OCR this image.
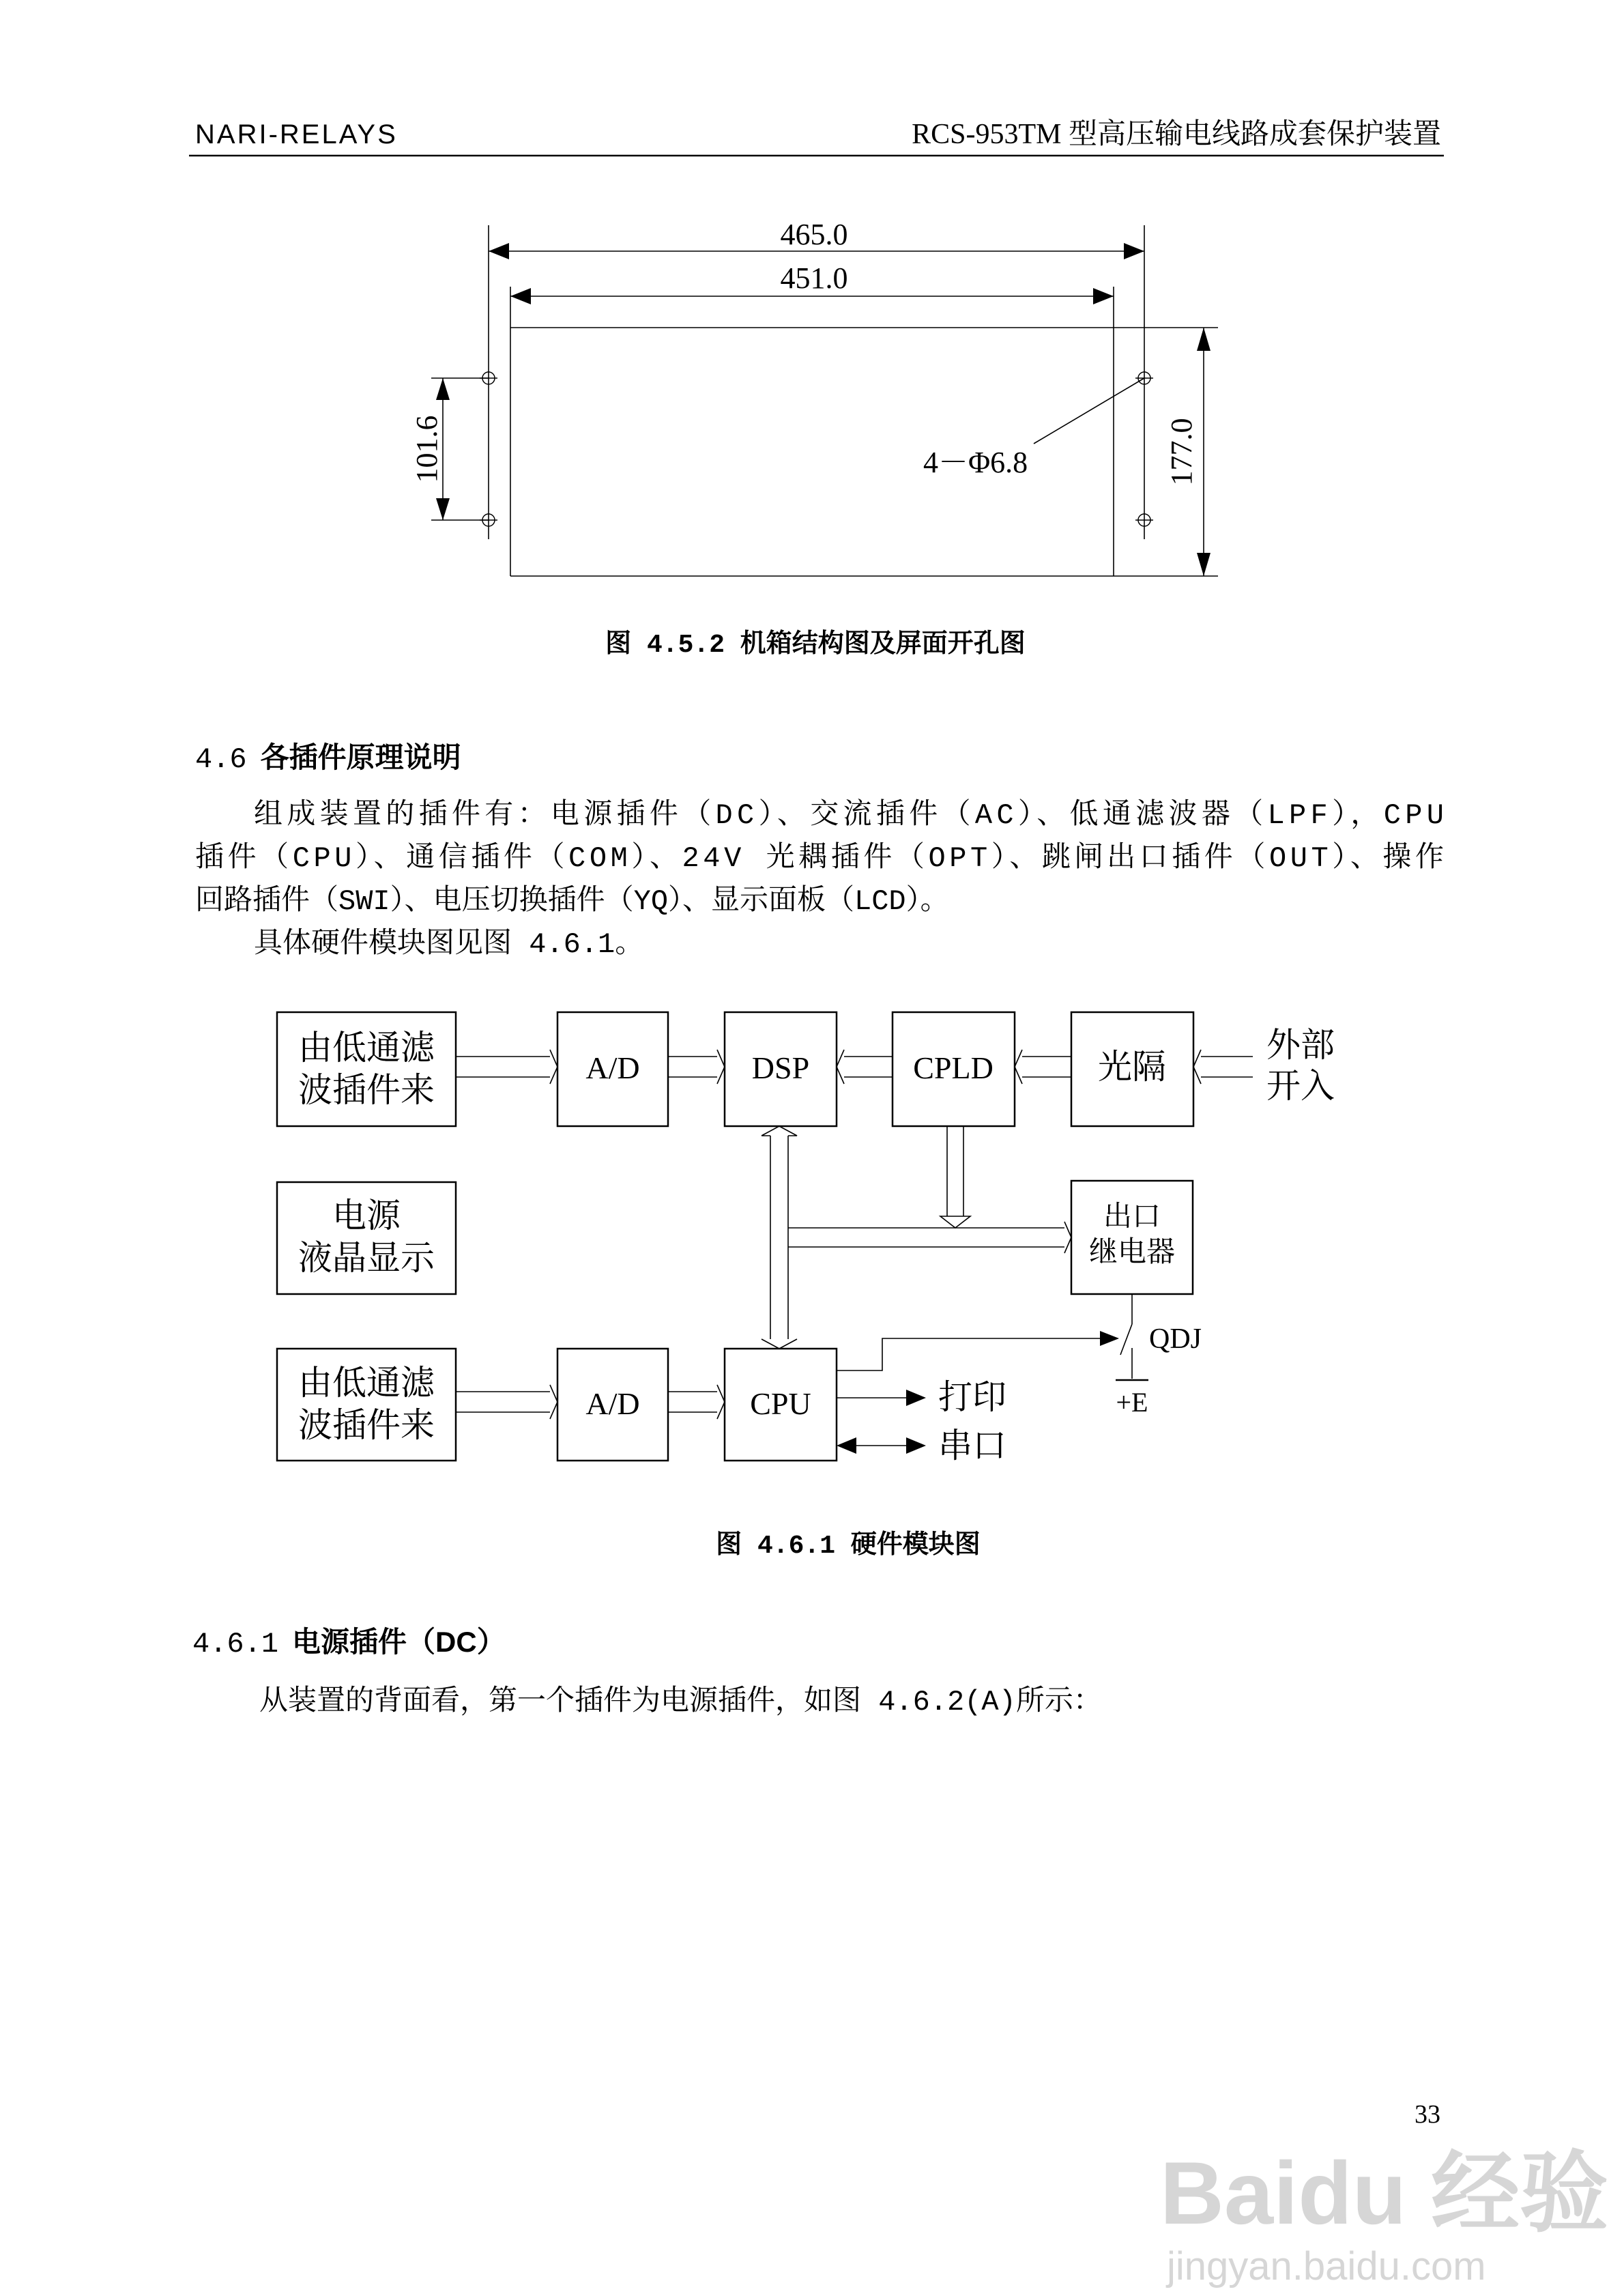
NARI-RELAYS	RCS-953TM 型高压输电线路成套保护装置
465.0
451.0
101.6	177.0
4－Φ6.8
图 4.5.2 机箱结构图及屏面开孔图
4.6 各插件原理说明
组成装置的插件有：电源插件（DC）、交流插件（AC）、低通滤波器（LPF），CPU
插件（CPU）、通信插件（COM）、24V 光耦插件（OPT）、跳闸出口插件（OUT）、操作
回路插件（SWI）、电压切换插件（YQ）、显示面板（LCD）。
具体硬件模块图见图 4.6.1。
由低通滤
波插件来
A/D	DSP	CPLD	光隔
外部
开入
电源
液晶显示
出口
继电器
由低通滤
波插件来
A/D	CPU	+E
QDJ
打印
串口
图 4.6.1 硬件模块图
4.6.1 电源插件（DC）
从装置的背面看，第一个插件为电源插件，如图 4.6.2(A)所示：
33
Baidu 经验
jingyan.baidu.com
